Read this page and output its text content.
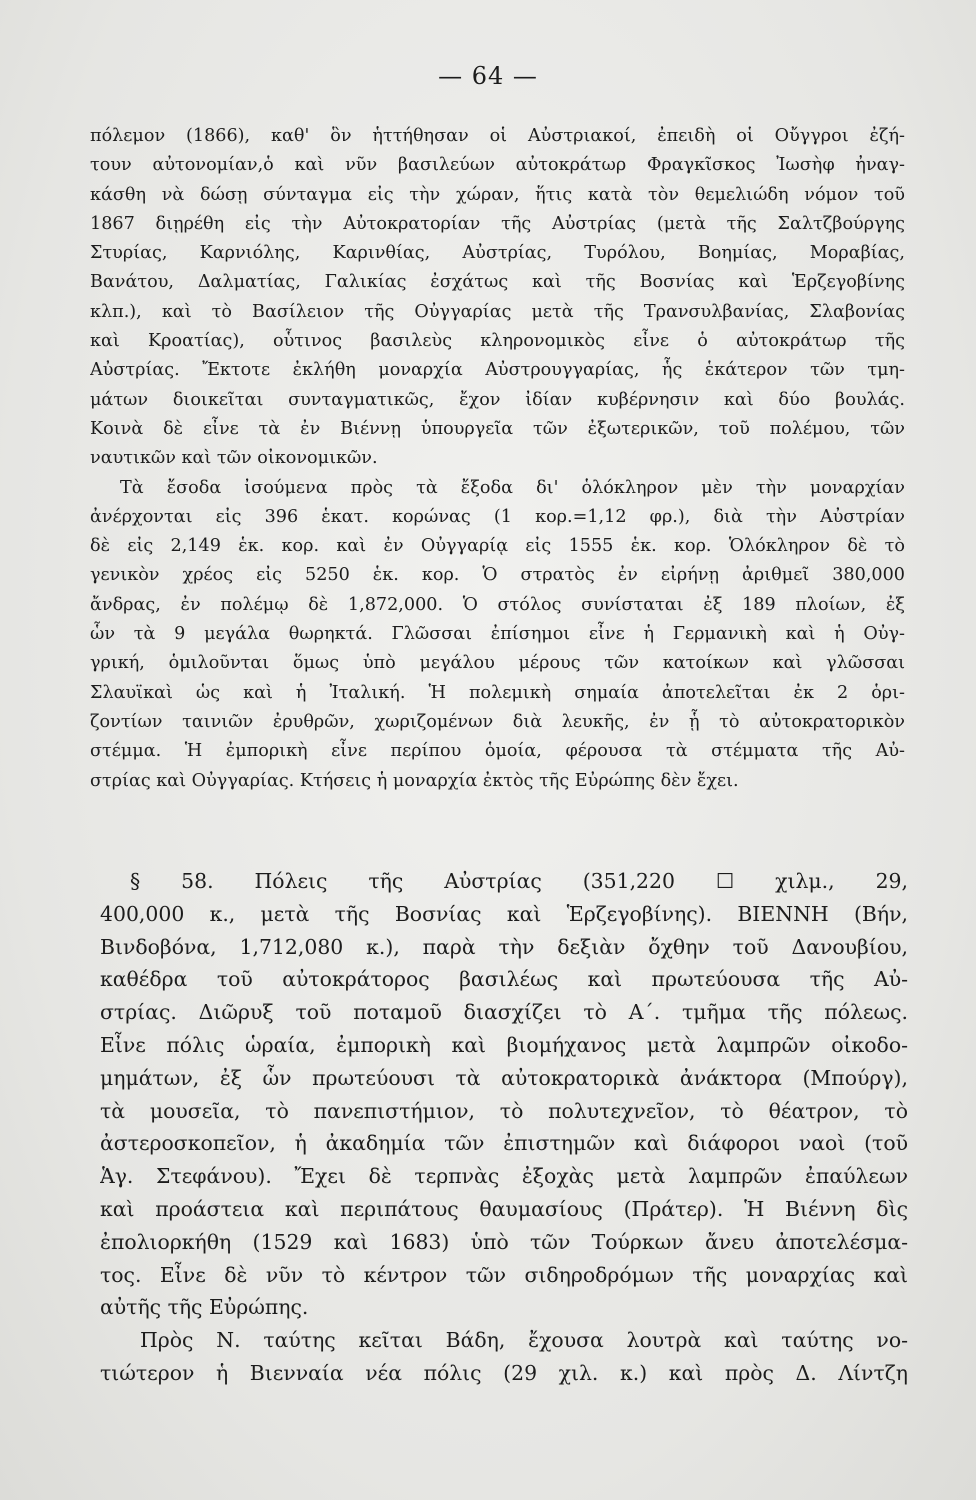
— 64 —
πόλεμον (1866), καθ' ὃν ἡττήθησαν οἱ Αὐστριακοί, ἐπειδὴ οἱ Οὔγγροι ἐζή-
τουν αὐτονομίαν,ὁ καὶ νῦν βασιλεύων αὐτοκράτωρ Φραγκῖσκος Ἰωσὴφ ἠναγ-
κάσθη νὰ δώσῃ σύνταγμα εἰς τὴν χώραν, ἥτις κατὰ τὸν θεμελιώδη νόμον τοῦ
1867 διῃρέθη εἰς τὴν Αὐτοκρατορίαν τῆς Αὐστρίας (μετὰ τῆς Σαλτζβούργης
Στυρίας, Καρνιόλης, Καρινθίας, Αὐστρίας, Τυρόλου, Βοημίας, Μοραβίας,
Βανάτου, Δαλματίας, Γαλικίας ἐσχάτως καὶ τῆς Βοσνίας καὶ Ἑρζεγοβίνης
κλπ.), καὶ τὸ Βασίλειον τῆς Οὐγγαρίας μετὰ τῆς Τρανσυλβανίας, Σλαβονίας
καὶ Κροατίας), οὗτινος βασιλεὺς κληρονομικὸς εἶνε ὁ αὐτοκράτωρ τῆς
Αὐστρίας. Ἔκτοτε ἐκλήθη μοναρχία Αὐστρουγγαρίας, ἧς ἑκάτερον τῶν τμη-
μάτων διοικεῖται συνταγματικῶς, ἔχον ἰδίαν κυβέρνησιν καὶ δύο βουλάς.
Κοινὰ δὲ εἶνε τὰ ἐν Βιέννῃ ὑπουργεῖα τῶν ἐξωτερικῶν, τοῦ πολέμου, τῶν
ναυτικῶν καὶ τῶν οἰκονομικῶν.
Τὰ ἔσοδα ἰσούμενα πρὸς τὰ ἔξοδα δι' ὁλόκληρον μὲν τὴν μοναρχίαν
ἀνέρχονται εἰς 396 ἑκατ. κορώνας (1 κορ.=1,12 φρ.), διὰ τὴν Αὐστρίαν
δὲ εἰς 2,149 ἑκ. κορ. καὶ ἐν Οὐγγαρίᾳ εἰς 1555 ἑκ. κορ. Ὁλόκληρον δὲ τὸ
γενικὸν χρέος εἰς 5250 ἑκ. κορ. Ὁ στρατὸς ἐν εἰρήνῃ ἀριθμεῖ 380,000
ἄνδρας, ἐν πολέμῳ δὲ 1,872,000. Ὁ στόλος συνίσταται ἐξ 189 πλοίων, ἐξ
ὧν τὰ 9 μεγάλα θωρηκτά. Γλῶσσαι ἐπίσημοι εἶνε ἡ Γερμανικὴ καὶ ἡ Οὐγ-
γρική, ὁμιλοῦνται ὅμως ὑπὸ μεγάλου μέρους τῶν κατοίκων καὶ γλῶσσαι
Σλαυϊκαὶ ὡς καὶ ἡ Ἰταλική. Ἡ πολεμικὴ σημαία ἀποτελεῖται ἐκ 2 ὁρι-
ζοντίων ταινιῶν ἐρυθρῶν, χωριζομένων διὰ λευκῆς, ἐν ᾗ τὸ αὐτοκρατορικὸν
στέμμα. Ἡ ἐμπορικὴ εἶνε περίπου ὁμοία, φέρουσα τὰ στέμματα τῆς Αὐ-
στρίας καὶ Οὐγγαρίας. Κτήσεις ἡ μοναρχία ἐκτὸς τῆς Εὐρώπης δὲν ἔχει.
§ 58. Πόλεις τῆς Αὐστρίας (351,220 ☐ χιλμ., 29,
400,000 κ., μετὰ τῆς Βοσνίας καὶ Ἑρζεγοβίνης). ΒΙΕΝΝΗ (Βήν,
Βινδοβόνα, 1,712,080 κ.), παρὰ τὴν δεξιὰν ὄχθην τοῦ Δανουβίου,
καθέδρα τοῦ αὐτοκράτορος βασιλέως καὶ πρωτεύουσα τῆς Αὐ-
στρίας. Διῶρυξ τοῦ ποταμοῦ διασχίζει τὸ Α΄. τμῆμα τῆς πόλεως.
Εἶνε πόλις ὡραία, ἐμπορικὴ καὶ βιομήχανος μετὰ λαμπρῶν οἰκοδο-
μημάτων, ἐξ ὧν πρωτεύουσι τὰ αὐτοκρατορικὰ ἀνάκτορα (Μπούργ),
τὰ μουσεῖα, τὸ πανεπιστήμιον, τὸ πολυτεχνεῖον, τὸ θέατρον, τὸ
ἀστεροσκοπεῖον, ἡ ἀκαδημία τῶν ἐπιστημῶν καὶ διάφοροι ναοὶ (τοῦ
Ἁγ. Στεφάνου). Ἔχει δὲ τερπνὰς ἐξοχὰς μετὰ λαμπρῶν ἐπαύλεων
καὶ προάστεια καὶ περιπάτους θαυμασίους (Πράτερ). Ἡ Βιέννη δὶς
ἐπολιορκήθη (1529 καὶ 1683) ὑπὸ τῶν Τούρκων ἄνευ ἀποτελέσμα-
τος. Εἶνε δὲ νῦν τὸ κέντρον τῶν σιδηροδρόμων τῆς μοναρχίας καὶ
αὐτῆς τῆς Εὐρώπης.
Πρὸς Ν. ταύτης κεῖται Βάδη, ἔχουσα λουτρὰ καὶ ταύτης νο-
τιώτερον ἡ Βιενναία νέα πόλις (29 χιλ. κ.) καὶ πρὸς Δ. Λίντζη
